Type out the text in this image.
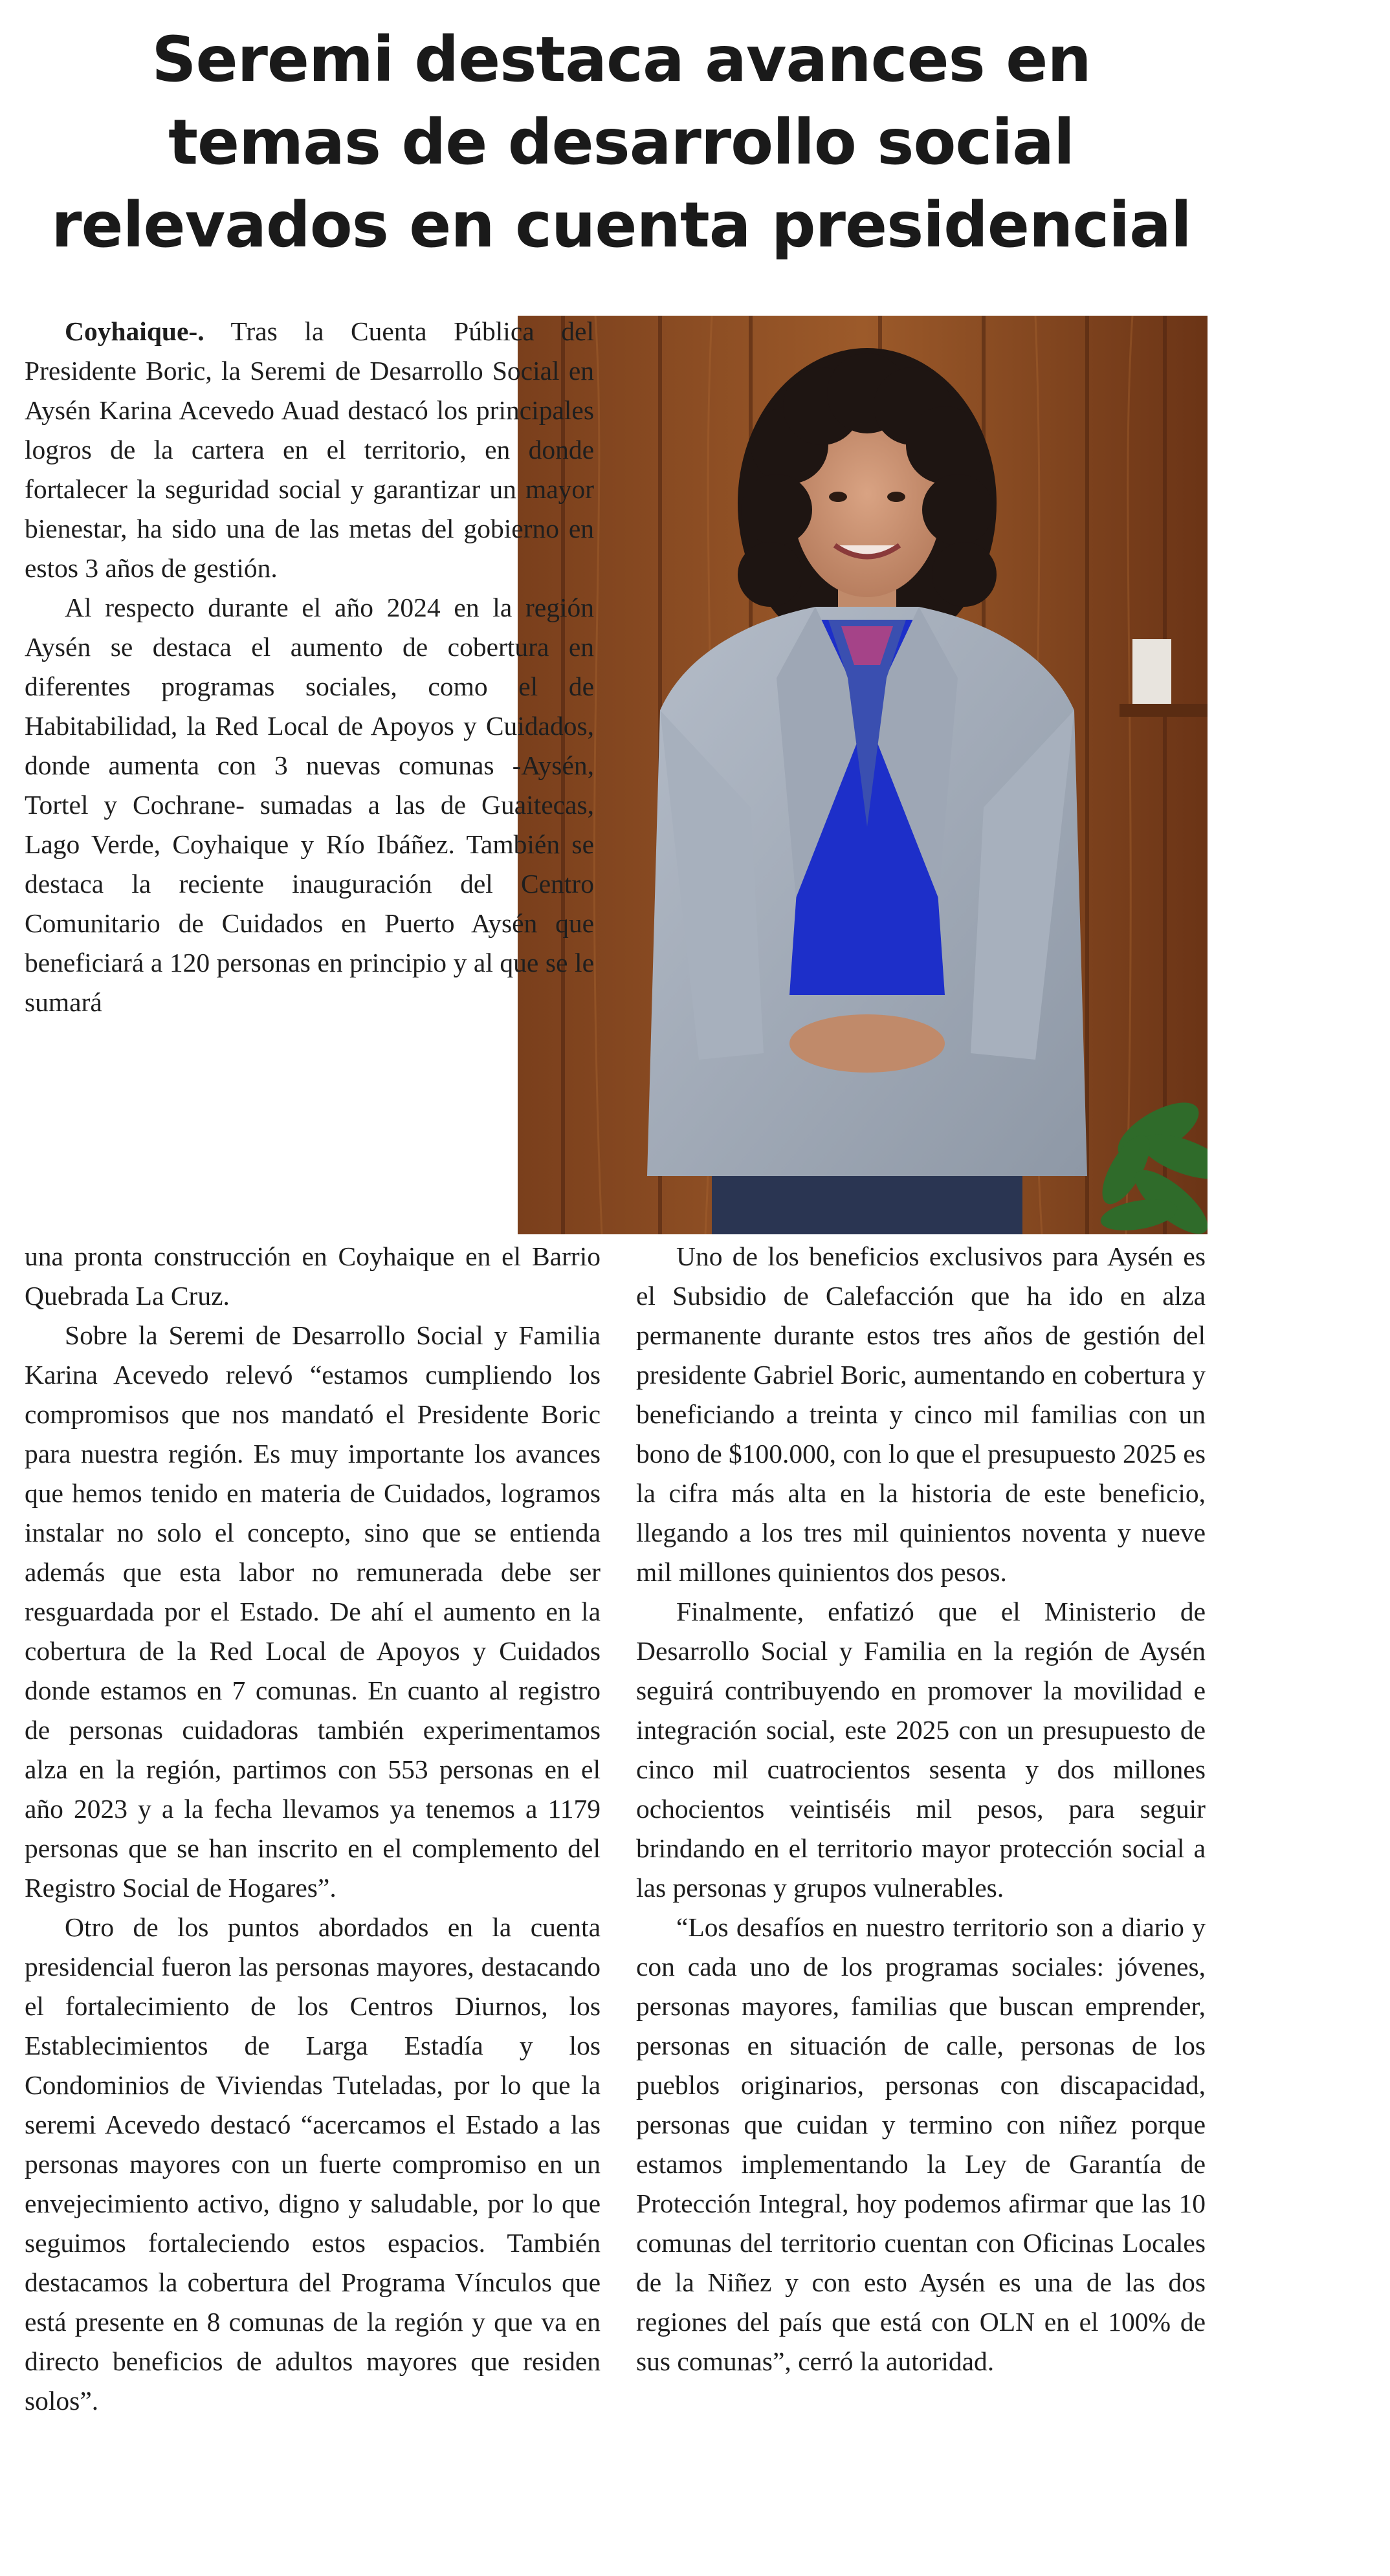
Seremi destaca avances en
temas de desarrollo social
relevados en cuenta presidencial

Coyhaique-. Tras la Cuenta Pública del Presidente Boric, la Seremi de Desarrollo Social en Aysén Karina Acevedo Auad destacó los principales logros de la cartera en el territorio, en donde fortalecer la seguridad social y garantizar un mayor bienestar, ha sido una de las metas del gobierno en estos 3 años de gestión.

Al respecto durante el año 2024 en la región Aysén se destaca el aumento de cobertura en diferentes programas sociales, como el de Habitabilidad, la Red Local de Apoyos y Cuidados, donde aumenta con 3 nuevas comunas -Aysén, Tortel y Cochrane- sumadas a las de Guaitecas, Lago Verde, Coyhaique y Río Ibáñez. También se destaca la reciente inauguración del Centro Comunitario de Cuidados en Puerto Aysén que beneficiará a 120 personas en principio y al que se le sumará

una pronta construcción en Coyhaique en el Barrio Quebrada La Cruz.

Sobre la Seremi de Desarrollo Social y Familia Karina Acevedo relevó “estamos cumpliendo los compromisos que nos mandató el Presidente Boric para nuestra región. Es muy importante los avances que hemos tenido en materia de Cuidados, logramos instalar no solo el concepto, sino que se entienda además que esta labor no remunerada debe ser resguardada por el Estado. De ahí el aumento en la cobertura de la Red Local de Apoyos y Cuidados donde estamos en 7 comunas. En cuanto al registro de personas cuidadoras también experimentamos alza en la región, partimos con 553 personas en el año 2023 y a la fecha llevamos ya tenemos a 1179 personas que se han inscrito en el complemento del Registro Social de Hogares”.

Otro de los puntos abordados en la cuenta presidencial fueron las personas mayores, destacando el fortalecimiento de los Centros Diurnos, los Establecimientos de Larga Estadía y los Condominios de Viviendas Tuteladas, por lo que la seremi Acevedo destacó “acercamos el Estado a las personas mayores con un fuerte compromiso en un envejecimiento activo, digno y saludable, por lo que seguimos fortaleciendo estos espacios. También destacamos la cobertura del Programa Vínculos que está presente en 8 comunas de la región y que va en directo beneficios de adultos mayores que residen solos”.

Uno de los beneficios exclusivos para Aysén es el Subsidio de Calefacción que ha ido en alza permanente durante estos tres años de gestión del presidente Gabriel Boric, aumentando en cobertura y beneficiando a treinta y cinco mil familias con un bono de $100.000, con lo que el presupuesto 2025 es la cifra más alta en la historia de este beneficio, llegando a los tres mil quinientos noventa y nueve mil millones quinientos dos pesos.

Finalmente, enfatizó que el Ministerio de Desarrollo Social y Familia en la región de Aysén seguirá contribuyendo en promover la movilidad e integración social, este 2025 con un presupuesto de cinco mil cuatrocientos sesenta y dos millones ochocientos veintiséis mil pesos, para seguir brindando en el territorio mayor protección social a las personas y grupos vulnerables.

“Los desafíos en nuestro territorio son a diario y con cada uno de los programas sociales: jóvenes, personas mayores, familias que buscan emprender, personas en situación de calle, personas de los pueblos originarios, personas con discapacidad, personas que cuidan y termino con niñez porque estamos implementando la Ley de Garantía de Protección Integral, hoy podemos afirmar que las 10 comunas del territorio cuentan con Oficinas Locales de la Niñez y con esto Aysén es una de las dos regiones del país que está con OLN en el 100% de sus comunas”, cerró la autoridad.
